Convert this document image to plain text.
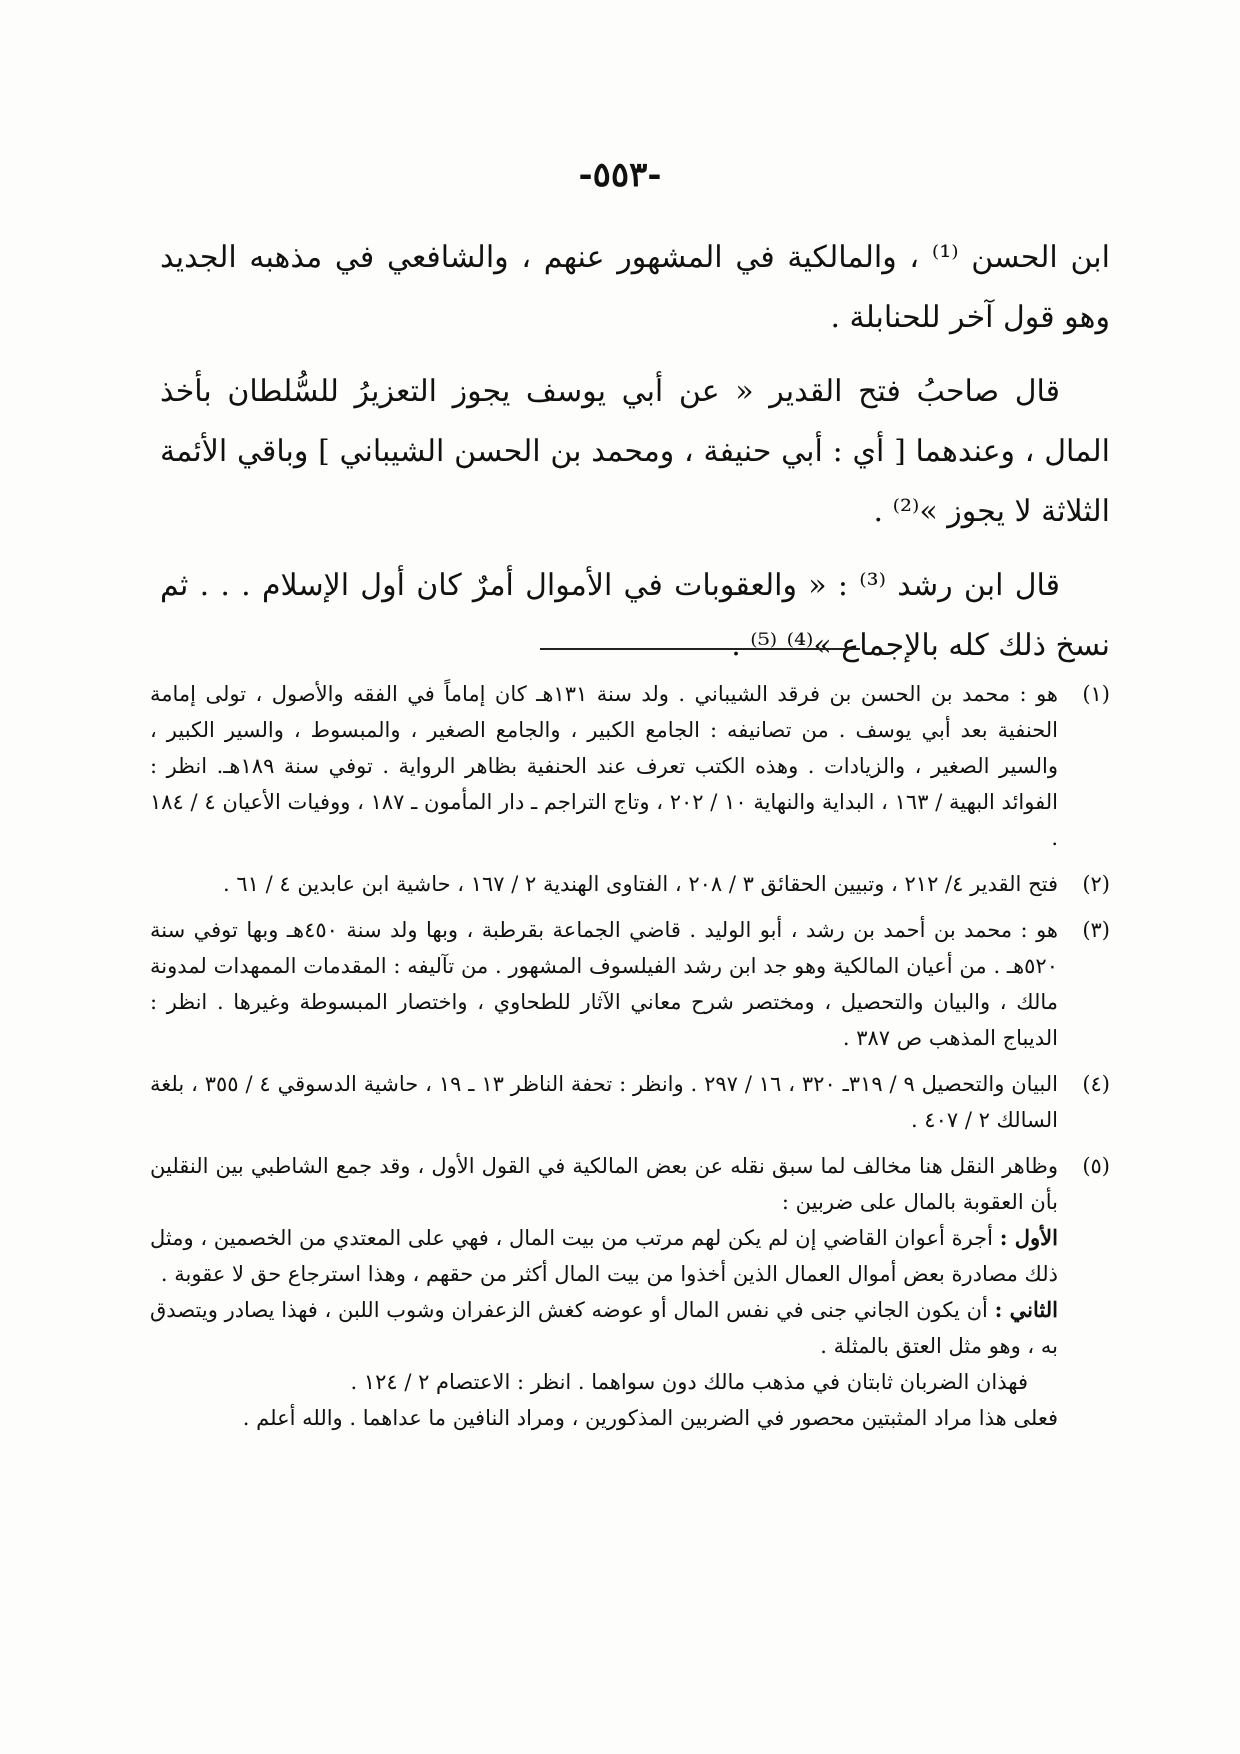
-٥٥٣-

ابن الحسن ⁽¹⁾ ، والمالكية في المشهور عنهم ، والشافعي في مذهبه الجديد وهو قول آخر للحنابلة .

قال صاحبُ فتح القدير « عن أبي يوسف يجوز التعزيرُ للسُّلطان بأخذ المال ، وعندهما [ أي : أبي حنيفة ، ومحمد بن الحسن الشيباني ] وباقي الأئمة الثلاثة لا يجوز »⁽²⁾ .

قال ابن رشد ⁽³⁾ : « والعقوبات في الأموال أمرٌ كان أول الإسلام . . . ثم نسخ ذلك كله بالإجماع »⁽⁴⁾ ⁽⁵⁾ .

(١)
هو : محمد بن الحسن بن فرقد الشيباني . ولد سنة ١٣١هـ كان إماماً في الفقه والأصول ، تولى إمامة الحنفية بعد أبي يوسف . من تصانيفه : الجامع الكبير ، والجامع الصغير ، والمبسوط ، والسير الكبير ، والسير الصغير ، والزيادات . وهذه الكتب تعرف عند الحنفية بظاهر الرواية . توفي سنة ١٨٩هـ. انظر : الفوائد البهية / ١٦٣ ، البداية والنهاية ١٠ / ٢٠٢ ، وتاج التراجم ـ دار المأمون ـ ١٨٧ ، ووفيات الأعيان ٤ / ١٨٤ .
(٢)
فتح القدير ٤/ ٢١٢ ، وتبيين الحقائق ٣ / ٢٠٨ ، الفتاوى الهندية ٢ / ١٦٧ ، حاشية ابن عابدين ٤ / ٦١ .
(٣)
هو : محمد بن أحمد بن رشد ، أبو الوليد . قاضي الجماعة بقرطبة ، وبها ولد سنة ٤٥٠هـ وبها توفي سنة ٥٢٠هـ . من أعيان المالكية وهو جد ابن رشد الفيلسوف المشهور . من تآليفه : المقدمات الممهدات لمدونة مالك ، والبيان والتحصيل ، ومختصر شرح معاني الآثار للطحاوي ، واختصار المبسوطة وغيرها . انظر : الديباج المذهب ص ٣٨٧ .
(٤)
البيان والتحصيل ٩ / ٣١٩ـ ٣٢٠ ، ١٦ / ٢٩٧ . وانظر : تحفة الناظر ١٣ ـ ١٩ ، حاشية الدسوقي ٤ / ٣٥٥ ، بلغة السالك ٢ / ٤٠٧ .
(٥)
وظاهر النقل هنا مخالف لما سبق نقله عن بعض المالكية في القول الأول ، وقد جمع الشاطبي بين النقلين بأن العقوبة بالمال على ضربين :
الأول : أجرة أعوان القاضي إن لم يكن لهم مرتب من بيت المال ، فهي على المعتدي من الخصمين ، ومثل ذلك مصادرة بعض أموال العمال الذين أخذوا من بيت المال أكثر من حقهم ، وهذا استرجاع حق لا عقوبة .
الثاني : أن يكون الجاني جنى في نفس المال أو عوضه كغش الزعفران وشوب اللبن ، فهذا يصادر ويتصدق به ، وهو مثل العتق بالمثلة .
فهذان الضربان ثابتان في مذهب مالك دون سواهما . انظر : الاعتصام ٢ / ١٢٤ .
فعلى هذا مراد المثبتين محصور في الضربين المذكورين ، ومراد النافين ما عداهما . والله أعلم .
